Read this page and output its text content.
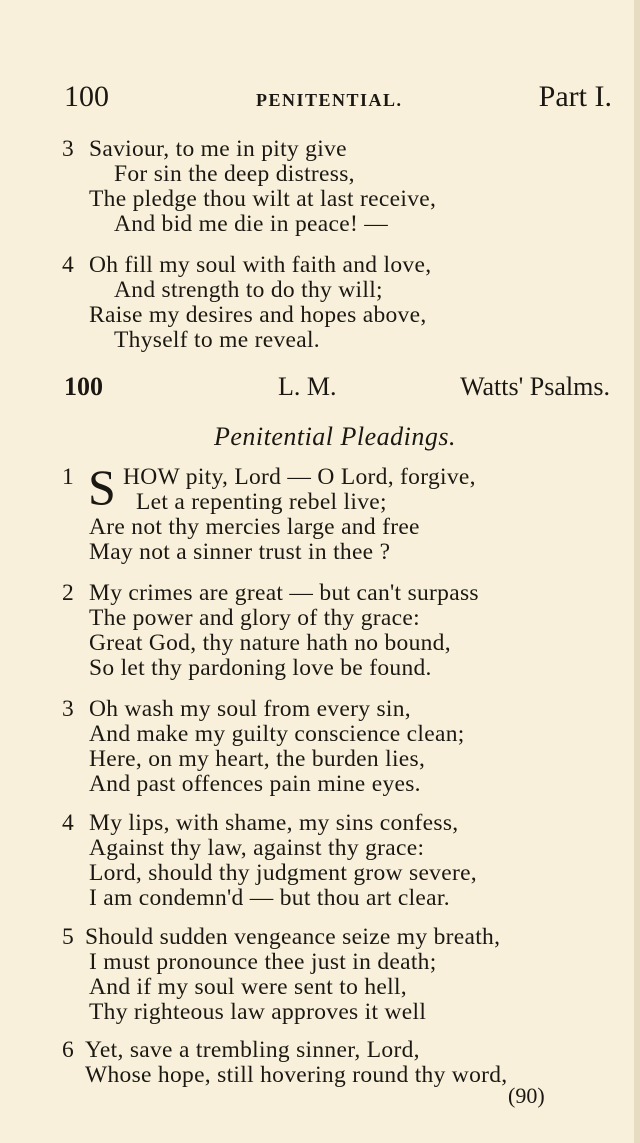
100	PENITENTIAL.	Part I.
3 Saviour, to me in pity give
For sin the deep distress,
The pledge thou wilt at last receive,
And bid me die in peace! —
4 Oh fill my soul with faith and love,
And strength to do thy will;
Raise my desires and hopes above,
Thyself to me reveal.
100	L. M.	Watts' Psalms.
Penitential Pleadings.
1 S HOW pity, Lord — O Lord, forgive,
Let a repenting rebel live;
Are not thy mercies large and free
May not a sinner trust in thee ?
2 My crimes are great — but can't surpass
The power and glory of thy grace:
Great God, thy nature hath no bound,
So let thy pardoning love be found.
3 Oh wash my soul from every sin,
And make my guilty conscience clean;
Here, on my heart, the burden lies,
And past offences pain mine eyes.
4 My lips, with shame, my sins confess,
Against thy law, against thy grace:
Lord, should thy judgment grow severe,
I am condemn'd — but thou art clear.
5 Should sudden vengeance seize my breath,
I must pronounce thee just in death;
And if my soul were sent to hell,
Thy righteous law approves it well
6 Yet, save a trembling sinner, Lord,
Whose hope, still hovering round thy word,
(90)
